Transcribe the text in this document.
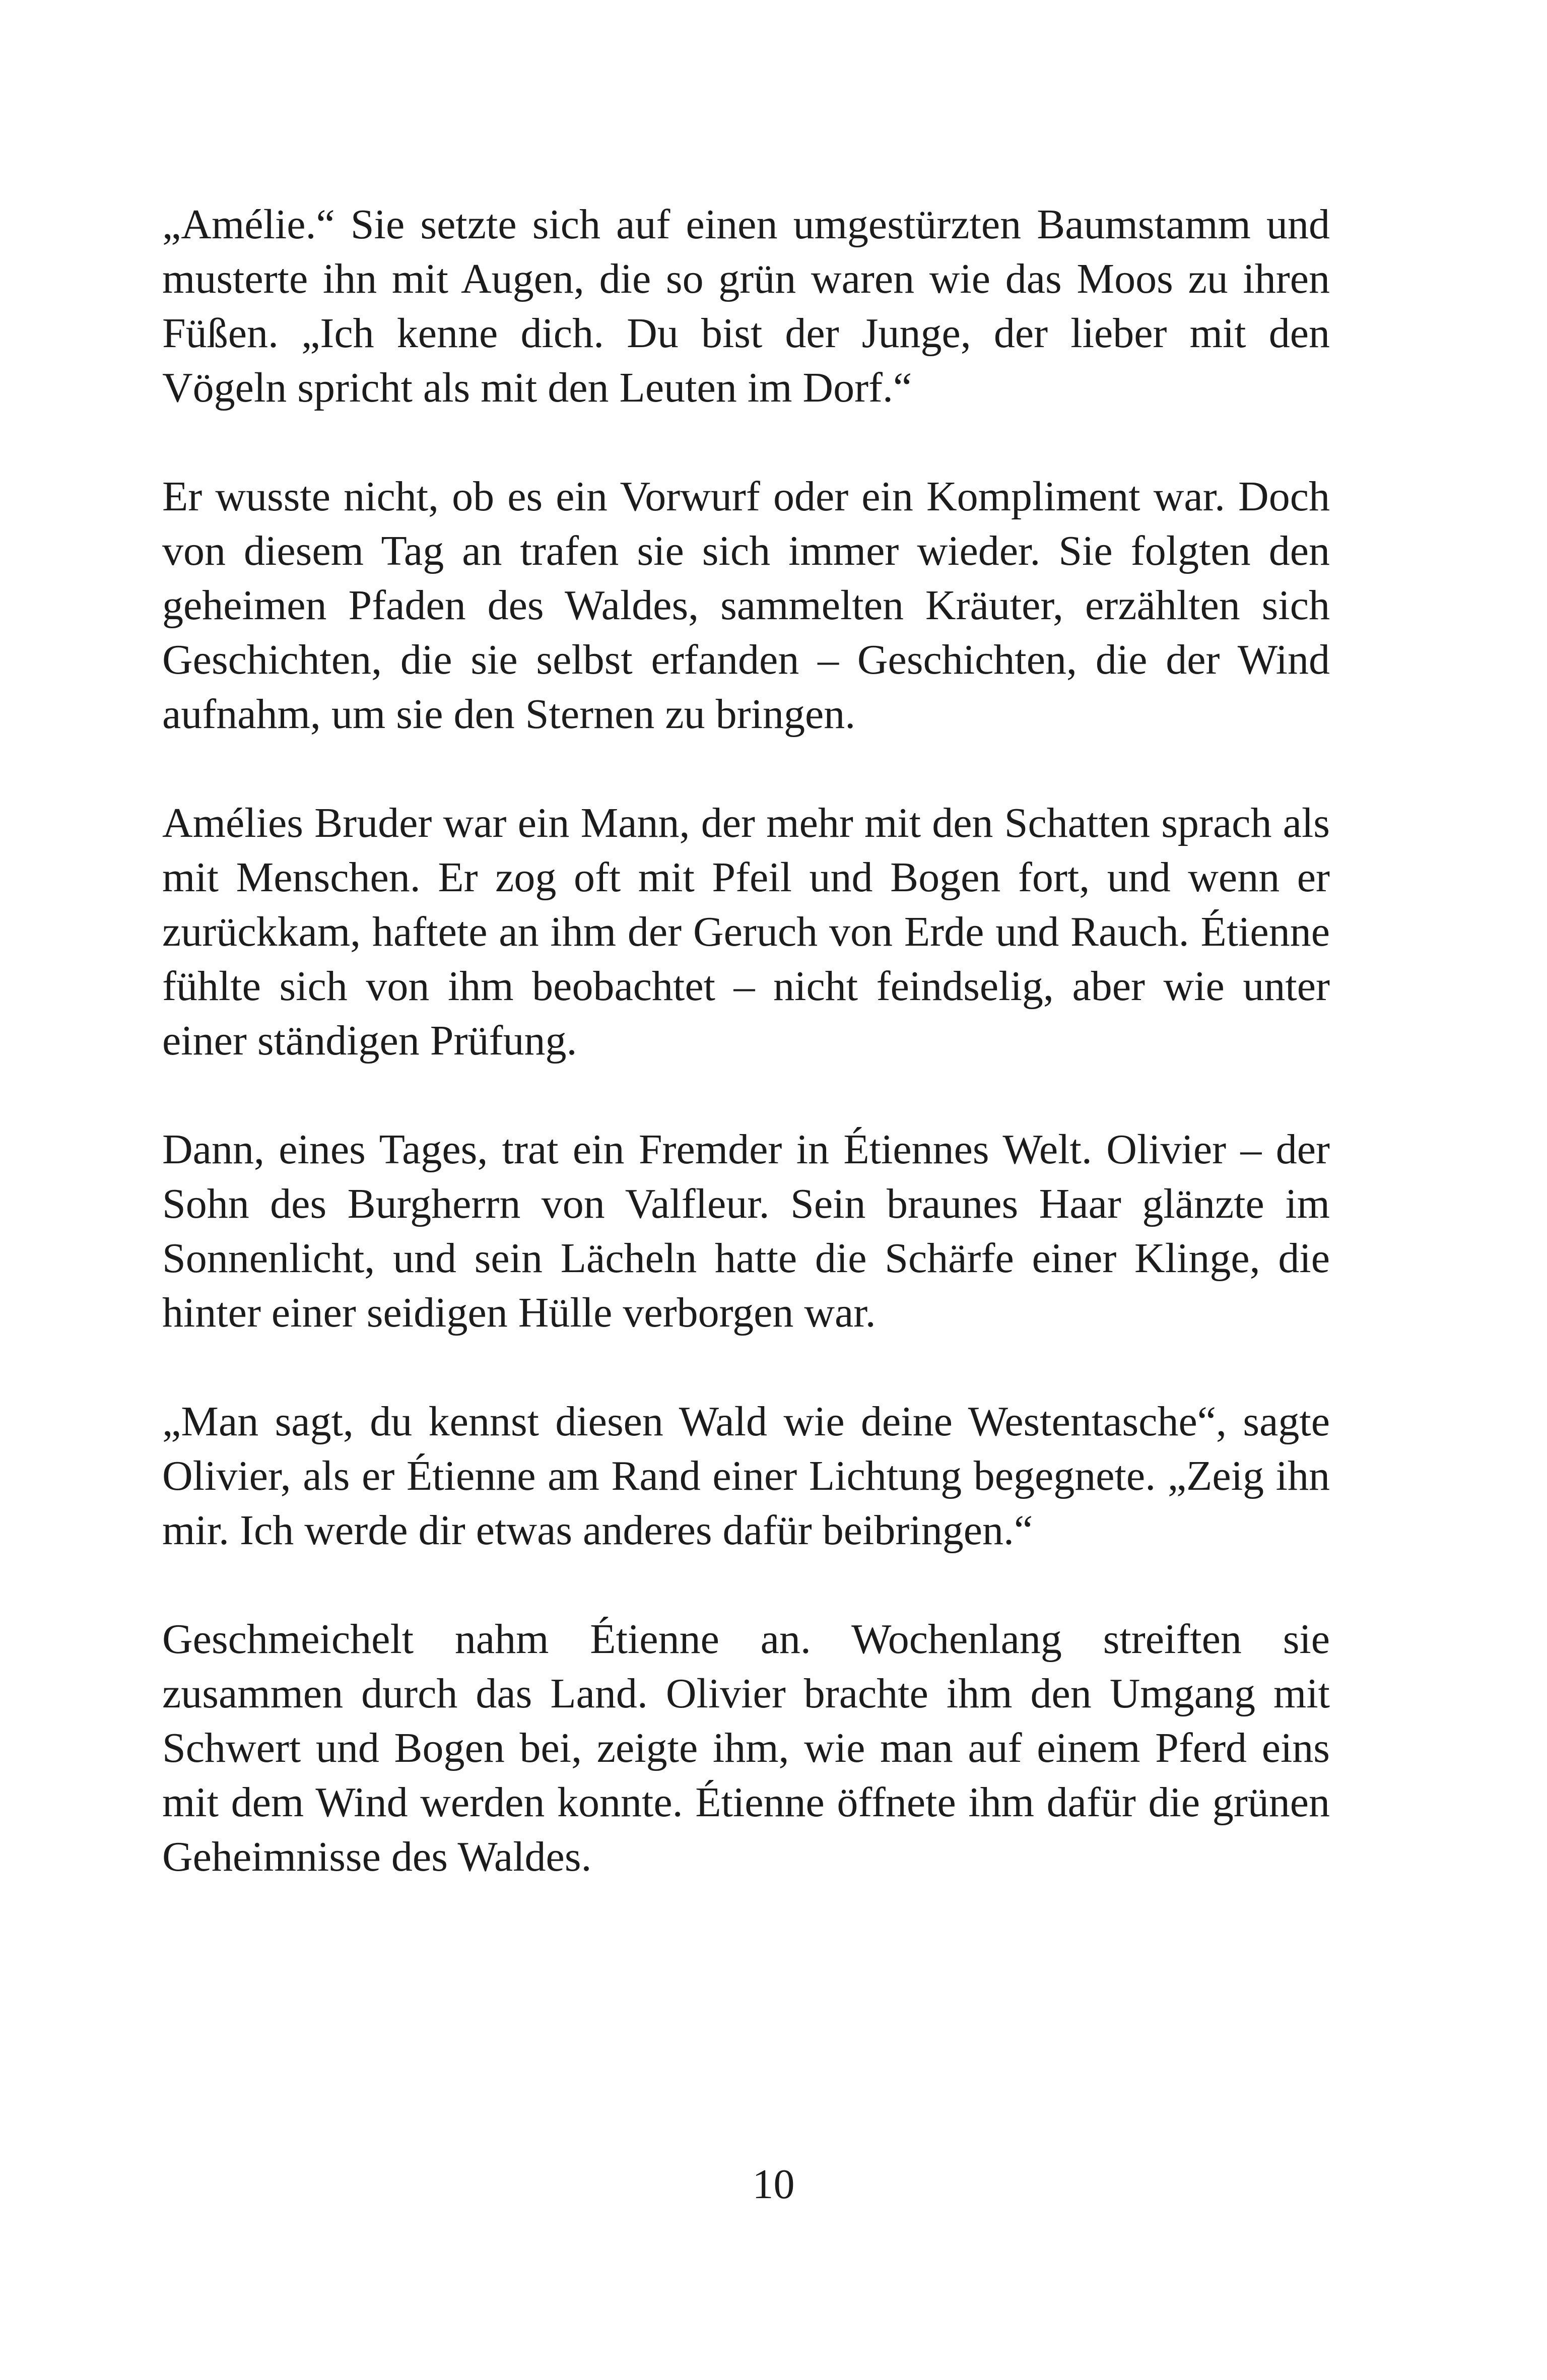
„Amélie.“ Sie setzte sich auf einen umgestürzten Baumstamm und musterte ihn mit Augen, die so grün waren wie das Moos zu ihren Füßen. „Ich kenne dich. Du bist der Junge, der lieber mit den Vögeln spricht als mit den Leuten im Dorf.“

Er wusste nicht, ob es ein Vorwurf oder ein Kompliment war. Doch von diesem Tag an trafen sie sich immer wieder. Sie folgten den geheimen Pfaden des Waldes, sammelten Kräuter, erzählten sich Geschichten, die sie selbst erfanden – Geschichten, die der Wind aufnahm, um sie den Sternen zu bringen.

Amélies Bruder war ein Mann, der mehr mit den Schatten sprach als mit Menschen. Er zog oft mit Pfeil und Bogen fort, und wenn er zurückkam, haftete an ihm der Geruch von Erde und Rauch. Étienne fühlte sich von ihm beobachtet – nicht feindselig, aber wie unter einer ständigen Prüfung.

Dann, eines Tages, trat ein Fremder in Étiennes Welt. Olivier – der Sohn des Burgherrn von Valfleur. Sein braunes Haar glänzte im Sonnenlicht, und sein Lächeln hatte die Schärfe einer Klinge, die hinter einer seidigen Hülle verborgen war.

„Man sagt, du kennst diesen Wald wie deine Westentasche“, sagte Olivier, als er Étienne am Rand einer Lichtung begegnete. „Zeig ihn mir. Ich werde dir etwas anderes dafür beibringen.“

Geschmeichelt nahm Étienne an. Wochenlang streiften sie zusammen durch das Land. Olivier brachte ihm den Umgang mit Schwert und Bogen bei, zeigte ihm, wie man auf einem Pferd eins mit dem Wind werden konnte. Étienne öffnete ihm dafür die grünen Geheimnisse des Waldes.

10
